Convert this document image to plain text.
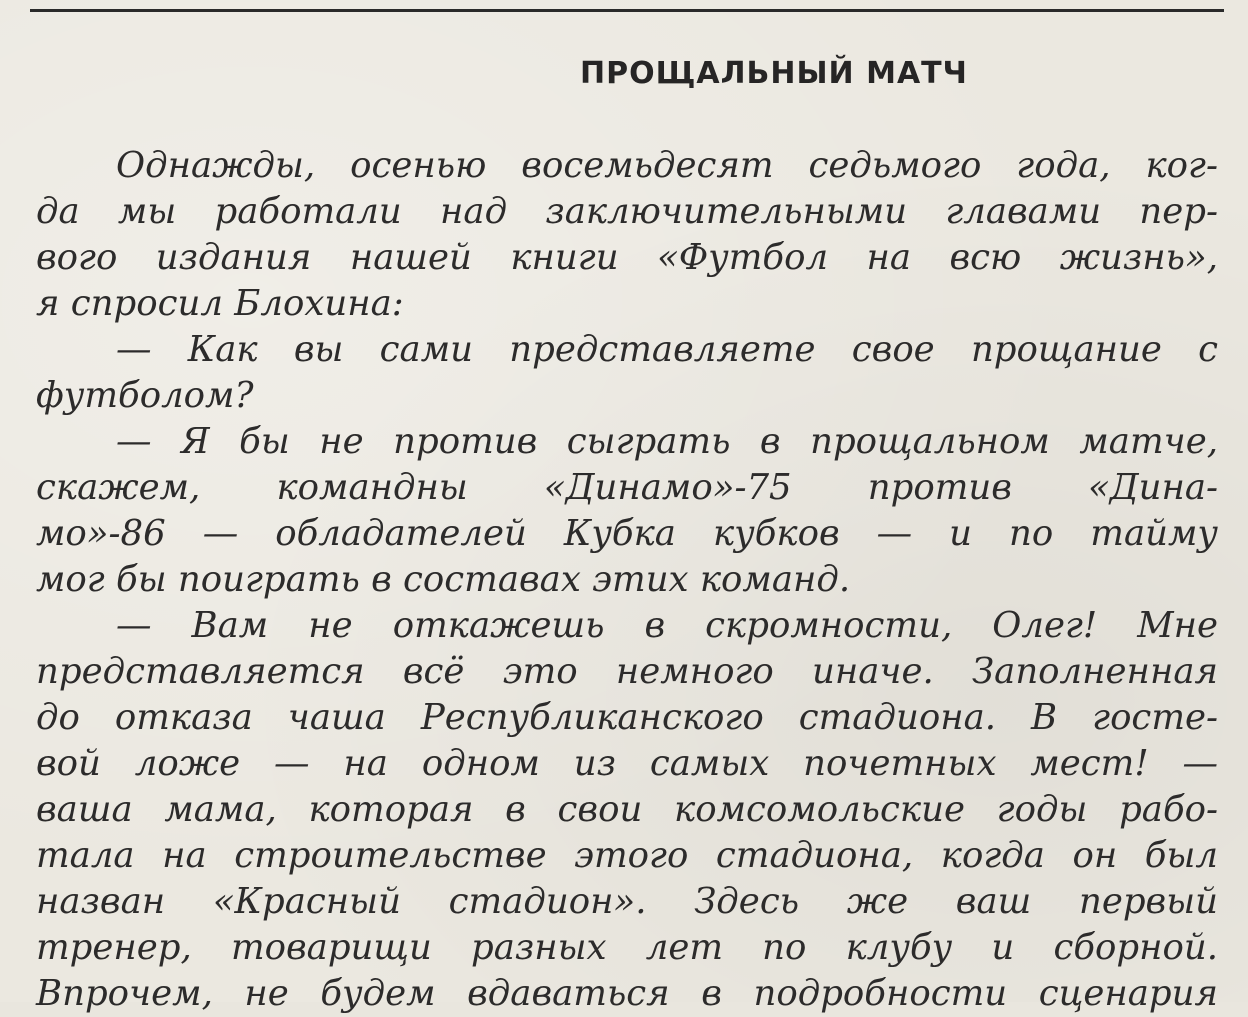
ПРОЩАЛЬНЫЙ МАТЧ
Однажды, осенью восемьдесят седьмого года, ког-
да мы работали над заключительными главами пер-
вого издания нашей книги «Футбол на всю жизнь»,
я спросил Блохина:
— Как вы сами представляете свое прощание с
футболом?
— Я бы не против сыграть в прощальном матче,
скажем, командны «Динамо»-75 против «Дина-
мо»-86 — обладателей Кубка кубков — и по тайму
мог бы поиграть в составах этих команд.
— Вам не откажешь в скромности, Олег! Мне
представляется всё это немного иначе. Заполненная
до отказа чаша Республиканского стадиона. В госте-
вой ложе — на одном из самых почетных мест! —
ваша мама, которая в свои комсомольские годы рабо-
тала на строительстве этого стадиона, когда он был
назван «Красный стадион». Здесь же ваш первый
тренер, товарищи разных лет по клубу и сборной.
Впрочем, не будем вдаваться в подробности сценария
